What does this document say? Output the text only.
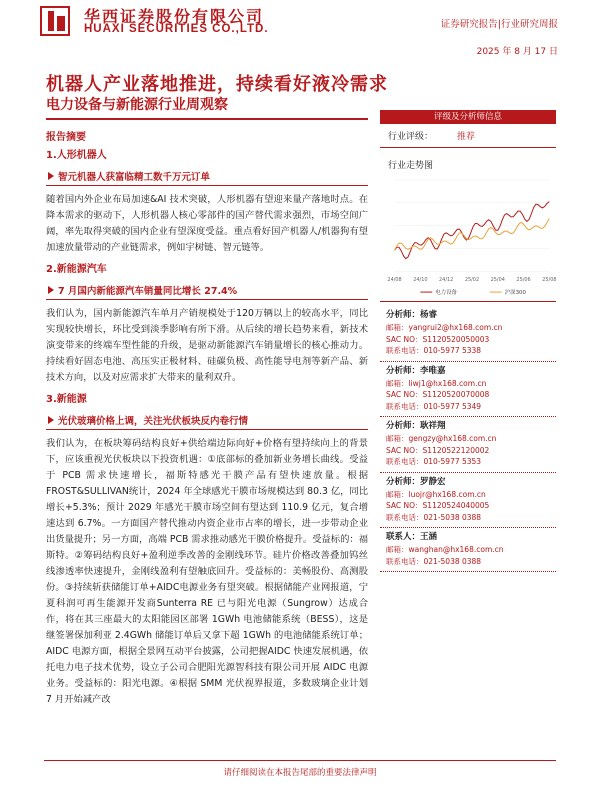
华西证券股份有限公司
HUAXI SECURITIES CO.,LTD.	证券研究报告|行业研究周报
2025 年 8 月 17 日
机器人产业落地推进，持续看好液冷需求
电力设备与新能源行业周观察
报告摘要
1.人形机器人
智元机器人获富临精工数千万元订单

随着国内外企业布局加速&AI 技术突破，人形机器有望迎来量产落地时点。在降本需求的驱动下，人形机器人核心零部件的国产替代需求强烈，市场空间广阔，率先取得突破的国内企业有望深度受益。重点看好国产机器人/机器狗有望加速放量带动的产业链需求，例如宇树链、智元链等。

2.新能源汽车
7 月国内新能源汽车销量同比增长 27.4%

我们认为，国内新能源汽车单月产销规模处于120万辆以上的较高水平，同比实现较快增长，环比受到淡季影响有所下滑。从后续的增长趋势来看，新技术演变带来的终端车型性能的升级，是驱动新能源汽车销量增长的核心推动力。持续看好固态电池、高压实正极材料、硅碳负极、高性能导电剂等新产品、新技术方向，以及对应需求扩大带来的量利双升。

3.新能源
光伏玻璃价格上调，关注光伏板块反内卷行情

我们认为，在板块筹码结构良好+供给端边际向好+价格有望持续向上的背景下，应该重视光伏板块以下投资机遇：①底部标的叠加新业务增长曲线。受益于 PCB 需求快速增长，福斯特感光干膜产品有望快速放量。根据FROST&SULLIVAN统计，2024 年全球感光干膜市场规模达到 80.3 亿，同比增长+5.3%；预计 2029 年感光干膜市场空间有望达到 110.9 亿元，复合增速达到 6.7%。一方面国产替代推动内资企业市占率的增长，进一步带动企业出货量提升；另一方面，高端 PCB 需求推动感光干膜价格提升。受益标的：福斯特。②筹码结构良好+盈利逆季改善的金刚线环节。硅片价格改善叠加钨丝线渗透率快速提升，金刚线盈利有望触底回升。受益标的：美畅股份、高测股份。③持续斩获储能订单+AIDC电源业务有望突破。根据储能产业网报道，宁夏科润可再生能源开发商Sunterra RE 已与阳光电源（Sungrow）达成合作，将在其三座最大的太阳能园区部署 1GWh 电池储能系统（BESS），这是继签署保加利亚 2.4GWh 储能订单后又拿下超 1GWh 的电池储能系统订单；AIDC 电源方面，根据全景网互动平台披露，公司把握AIDC 快速发展机遇，依托电力电子技术优势，设立子公司合肥阳光源智科技有限公司开展 AIDC 电源业务。受益标的：阳光电源。④根据 SMM 光伏视界报道，多数玻璃企业计划 7 月开始减产改

评级及分析师信息
行业评级：	推荐
行业走势图
24/08 24/10 24/12 25/02 25/04 25/06 25/08
电力设备	沪深300
分析师：杨睿
邮箱：yangrui2@hx168.com.cn
SAC NO：S1120520050003
联系电话：010-5977 5338
分析师：李唯嘉
邮箱：liwj1@hx168.com.cn
SAC NO：S1120520070008
联系电话：010-5977 5349
分析师：耿祥翔
邮箱：gengzy@hx168.com.cn
SAC NO：S1120522120002
联系电话：010-5977 5353
分析师：罗静宏
邮箱：luojr@hx168.com.cn
SAC NO：S1120524040005
联系电话：021-5038 0388
联系人：王涵
邮箱：wanghan@hx168.com.cn
联系电话：021-5038 0388
请仔细阅读在本报告尾部的重要法律声明
